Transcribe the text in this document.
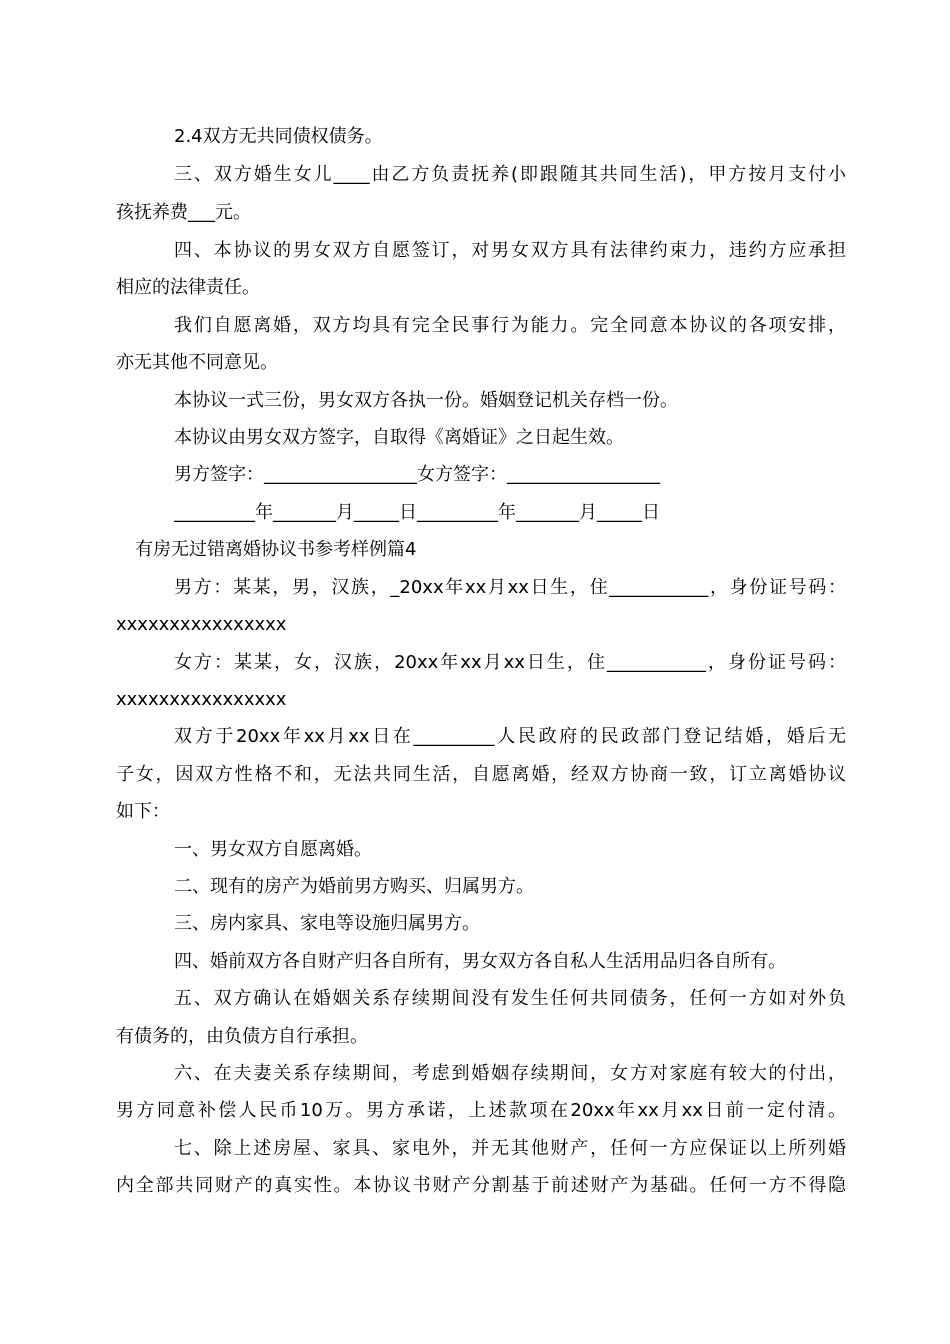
2.4双方无共同债权债务。
三、双方婚生女儿____由乙方负责抚养(即跟随其共同生活)，甲方按月支付小
孩抚养费___元。
四、本协议的男女双方自愿签订，对男女双方具有法律约束力，违约方应承担
相应的法律责任。
我们自愿离婚，双方均具有完全民事行为能力。完全同意本协议的各项安排，
亦无其他不同意见。
本协议一式三份，男女双方各执一份。婚姻登记机关存档一份。
本协议由男女双方签字，自取得《离婚证》之日起生效。
男方签字：_________________女方签字：_________________
_________年_______月_____日_________年_______月_____日
有房无过错离婚协议书参考样例篇4
男方：某某，男，汉族，_20xx年xx月xx日生，住___________，身份证号码：
xxxxxxxxxxxxxxxx
女方：某某，女，汉族，20xx年xx月xx日生，住___________，身份证号码：
xxxxxxxxxxxxxxxx
双方于20xx年xx月xx日在_________人民政府的民政部门登记结婚，婚后无
子女，因双方性格不和，无法共同生活，自愿离婚，经双方协商一致，订立离婚协议
如下：
一、男女双方自愿离婚。
二、现有的房产为婚前男方购买、归属男方。
三、房内家具、家电等设施归属男方。
四、婚前双方各自财产归各自所有，男女双方各自私人生活用品归各自所有。
五、双方确认在婚姻关系存续期间没有发生任何共同债务，任何一方如对外负
有债务的，由负债方自行承担。
六、在夫妻关系存续期间，考虑到婚姻存续期间，女方对家庭有较大的付出，
男方同意补偿人民币10万。男方承诺，上述款项在20xx年xx月xx日前一定付清。
七、除上述房屋、家具、家电外，并无其他财产，任何一方应保证以上所列婚
内全部共同财产的真实性。本协议书财产分割基于前述财产为基础。任何一方不得隐
